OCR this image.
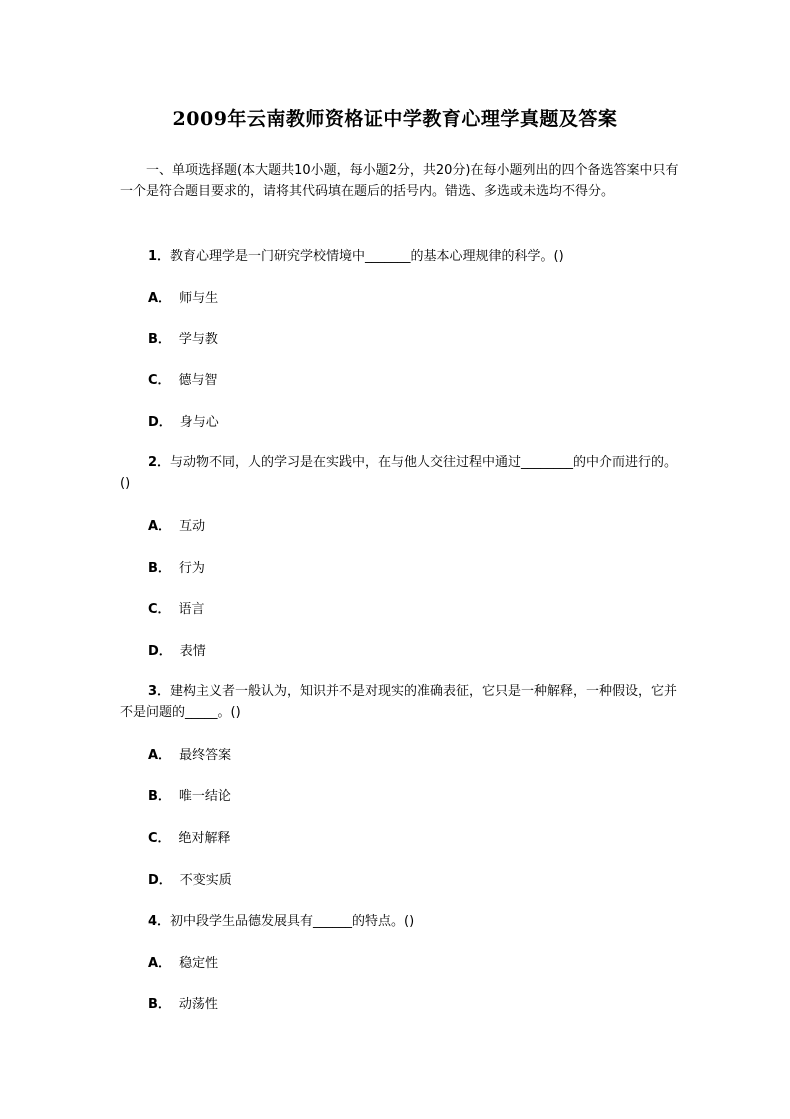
2009年云南教师资格证中学教育心理学真题及答案
一、单项选择题(本大题共10小题，每小题2分，共20分)在每小题列出的四个备选答案中只有一个是符合题目要求的，请将其代码填在题后的括号内。错选、多选或未选均不得分。
1．教育心理学是一门研究学校情境中_______的基本心理规律的科学。()
A． 师与生
B． 学与教
C． 德与智
D． 身与心
2．与动物不同，人的学习是在实践中，在与他人交往过程中通过________的中介而进行的。()
A． 互动
B． 行为
C． 语言
D． 表情
3．建构主义者一般认为，知识并不是对现实的准确表征，它只是一种解释，一种假设，它并不是问题的_____。()
A． 最终答案
B． 唯一结论
C． 绝对解释
D． 不变实质
4．初中段学生品德发展具有______的特点。()
A． 稳定性
B． 动荡性
